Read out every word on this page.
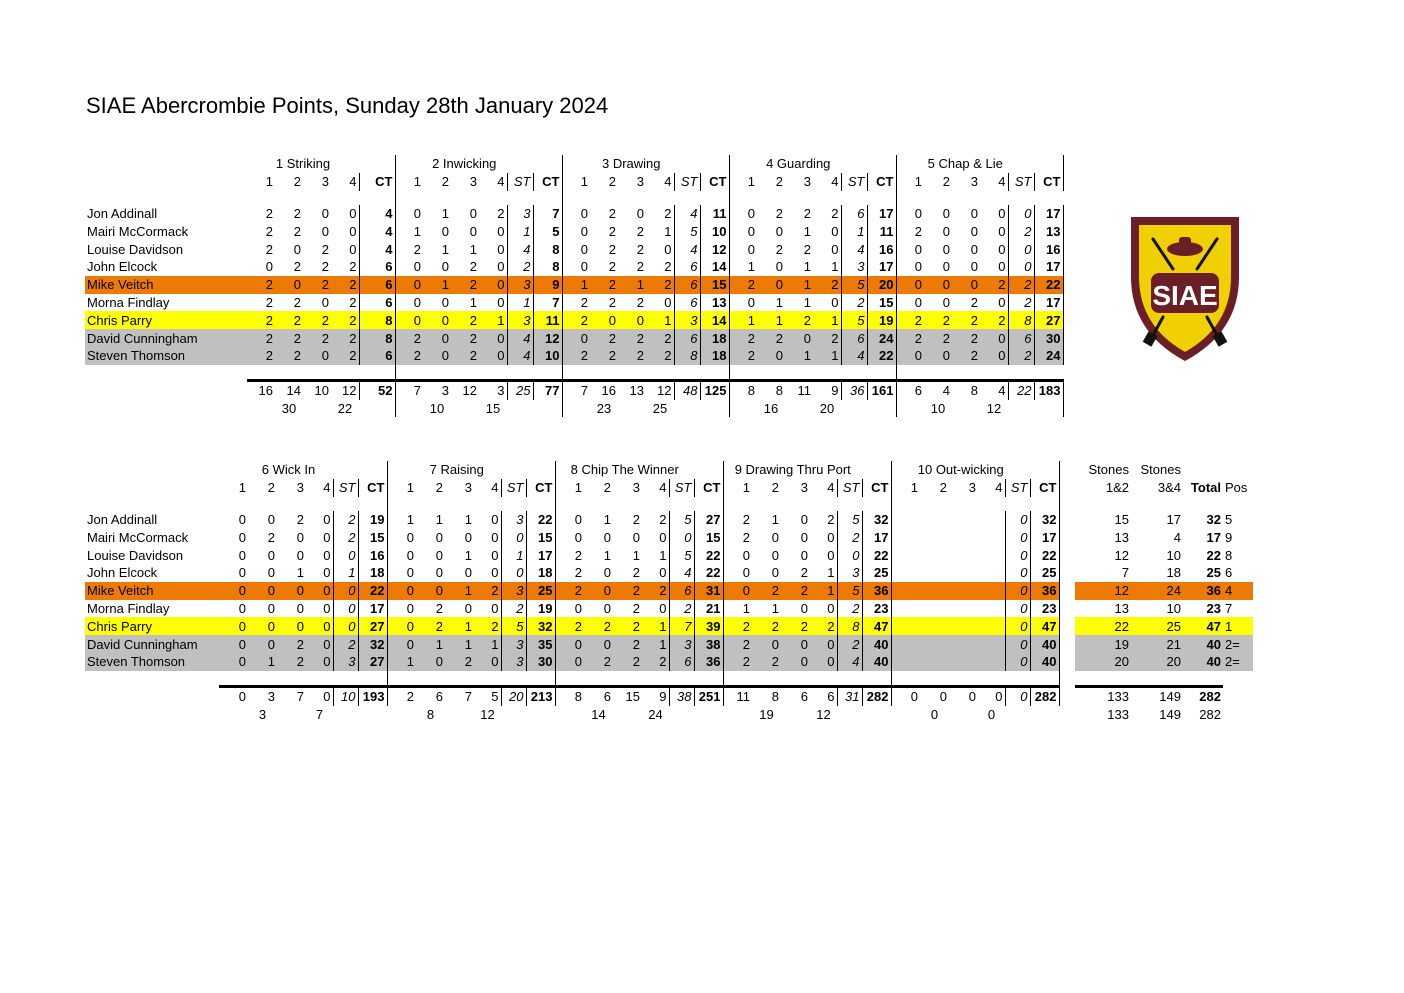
SIAE Abercrombie Points, Sunday 28th January 2024
	1 Striking					2 Inwicking						3 Drawing						4 Guarding						5 Chap & Lie					
	1	2	3	4	CT	1	2	3	4	ST	CT	1	2	3	4	ST	CT	1	2	3	4	ST	CT	1	2	3	4	ST	CT

Jon Addinall	2	2	0	0	4	0	1	0	2	3	7	0	2	0	2	4	11	0	2	2	2	6	17	0	0	0	0	0	17
Mairi McCormack	2	2	0	0	4	1	0	0	0	1	5	0	2	2	1	5	10	0	0	1	0	1	11	2	0	0	0	2	13
Louise Davidson	2	0	2	0	4	2	1	1	0	4	8	0	2	2	0	4	12	0	2	2	0	4	16	0	0	0	0	0	16
John Elcock	0	2	2	2	6	0	0	2	0	2	8	0	2	2	2	6	14	1	0	1	1	3	17	0	0	0	0	0	17
Mike Veitch	2	0	2	2	6	0	1	2	0	3	9	1	2	1	2	6	15	2	0	1	2	5	20	0	0	0	2	2	22
Morna Findlay	2	2	0	2	6	0	0	1	0	1	7	2	2	2	0	6	13	0	1	1	0	2	15	0	0	2	0	2	17
Chris Parry	2	2	2	2	8	0	0	2	1	3	11	2	0	0	1	3	14	1	1	2	1	5	19	2	2	2	2	8	27
David Cunningham	2	2	2	2	8	2	0	2	0	4	12	0	2	2	2	6	18	2	2	0	2	6	24	2	2	2	0	6	30
Steven Thomson	2	2	0	2	6	2	0	2	0	4	10	2	2	2	2	8	18	2	0	1	1	4	22	0	0	2	0	2	24

	16	14	10	12	52	7	3	12	3	25	77	7	16	13	12	48	125	8	8	11	9	36	161	6	4	8	4	22	183
		30		22			10		15				23		25				16		20				10		12		
	6 Wick In						7 Raising						8 Chip The Winner						9 Drawing Thru Port						10 Out-wicking							Stones	Stones		
	1	2	3	4	ST	CT	1	2	3	4	ST	CT	1	2	3	4	ST	CT	1	2	3	4	ST	CT	1	2	3	4	ST	CT		1&2	3&4	Total	Pos

Jon Addinall	0	0	2	0	2	19	1	1	1	0	3	22	0	1	2	2	5	27	2	1	0	2	5	32					0	32		15	17	32	5
Mairi McCormack	0	2	0	0	2	15	0	0	0	0	0	15	0	0	0	0	0	15	2	0	0	0	2	17					0	17		13	4	17	9
Louise Davidson	0	0	0	0	0	16	0	0	1	0	1	17	2	1	1	1	5	22	0	0	0	0	0	22					0	22		12	10	22	8
John Elcock	0	0	1	0	1	18	0	0	0	0	0	18	2	0	2	0	4	22	0	0	2	1	3	25					0	25		7	18	25	6
Mike Veitch	0	0	0	0	0	22	0	0	1	2	3	25	2	0	2	2	6	31	0	2	2	1	5	36					0	36		12	24	36	4
Morna Findlay	0	0	0	0	0	17	0	2	0	0	2	19	0	0	2	0	2	21	1	1	0	0	2	23					0	23		13	10	23	7
Chris Parry	0	0	0	0	0	27	0	2	1	2	5	32	2	2	2	1	7	39	2	2	2	2	8	47					0	47		22	25	47	1
David Cunningham	0	0	2	0	2	32	0	1	1	1	3	35	0	0	2	1	3	38	2	0	0	0	2	40					0	40		19	21	40	2=
Steven Thomson	0	1	2	0	3	27	1	0	2	0	3	30	0	2	2	2	6	36	2	2	0	0	4	40					0	40		20	20	40	2=

	0	3	7	0	10	193	2	6	7	5	20	213	8	6	15	9	38	251	11	8	6	6	31	282	0	0	0	0	0	282		133	149	282	
		3		7				8		12				14		24				19		12				0		0				133	149	282	
SIAE
